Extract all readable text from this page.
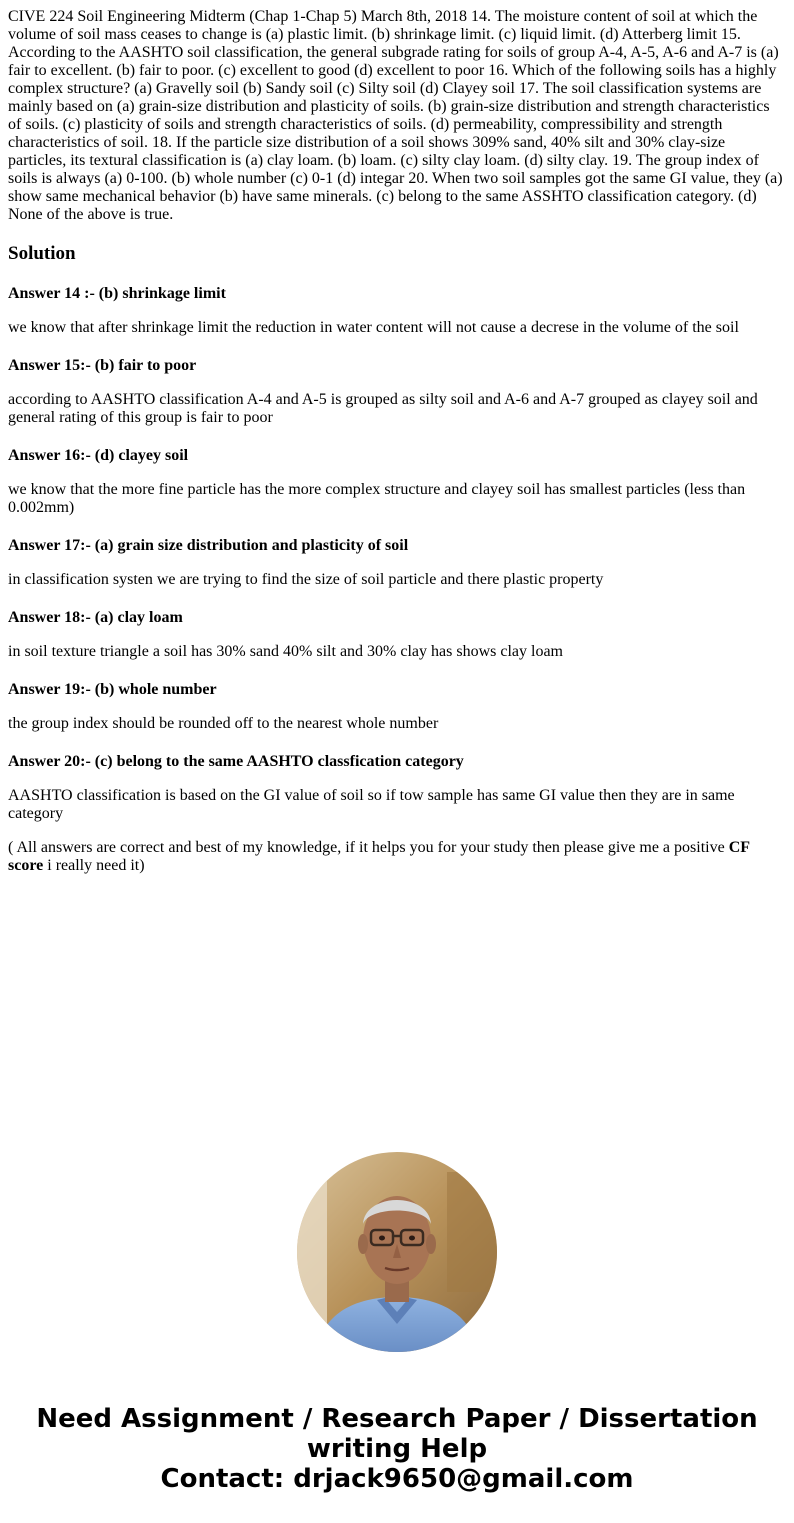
CIVE 224 Soil Engineering Midterm (Chap 1-Chap 5) March 8th, 2018 14. The moisture content of soil at which the volume of soil mass ceases to change is (a) plastic limit. (b) shrinkage limit. (c) liquid limit. (d) Atterberg limit 15. According to the AASHTO soil classification, the general subgrade rating for soils of group A-4, A-5, A-6 and A-7 is (a) fair to excellent. (b) fair to poor. (c) excellent to good (d) excellent to poor 16. Which of the following soils has a highly complex structure? (a) Gravelly soil (b) Sandy soil (c) Silty soil (d) Clayey soil 17. The soil classification systems are mainly based on (a) grain-size distribution and plasticity of soils. (b) grain-size distribution and strength characteristics of soils. (c) plasticity of soils and strength characteristics of soils. (d) permeability, compressibility and strength characteristics of soil. 18. If the particle size distribution of a soil shows 309% sand, 40% silt and 30% clay-size particles, its textural classification is (a) clay loam. (b) loam. (c) silty clay loam. (d) silty clay. 19. The group index of soils is always (a) 0-100. (b) whole number (c) 0-1 (d) integar 20. When two soil samples got the same GI value, they (a) show same mechanical behavior (b) have same minerals. (c) belong to the same ASSHTO classification category. (d) None of the above is true.

Solution

Answer 14 :- (b) shrinkage limit

we know that after shrinkage limit the reduction in water content will not cause a decrese in the volume of the soil

Answer 15:- (b) fair to poor

according to AASHTO classification A-4 and A-5 is grouped as silty soil and A-6 and A-7 grouped as clayey soil and general rating of this group is fair to poor

Answer 16:- (d) clayey soil

we know that the more fine particle has the more complex structure and clayey soil has smallest particles (less than 0.002mm)

Answer 17:- (a) grain size distribution and plasticity of soil

in classification systen we are trying to find the size of soil particle and there plastic property

Answer 18:- (a) clay loam

in soil texture triangle a soil has 30% sand 40% silt and 30% clay has shows clay loam

Answer 19:- (b) whole number

the group index should be rounded off to the nearest whole number

Answer 20:- (c) belong to the same AASHTO classfication category

AASHTO classification is based on the GI value of soil so if tow sample has same GI value then they are in same category

( All answers are correct and best of my knowledge, if it helps you for your study then please give me a positive CF score i really need it)

Need Assignment / Research Paper / Dissertation writing Help
Contact: drjack9650@gmail.com
